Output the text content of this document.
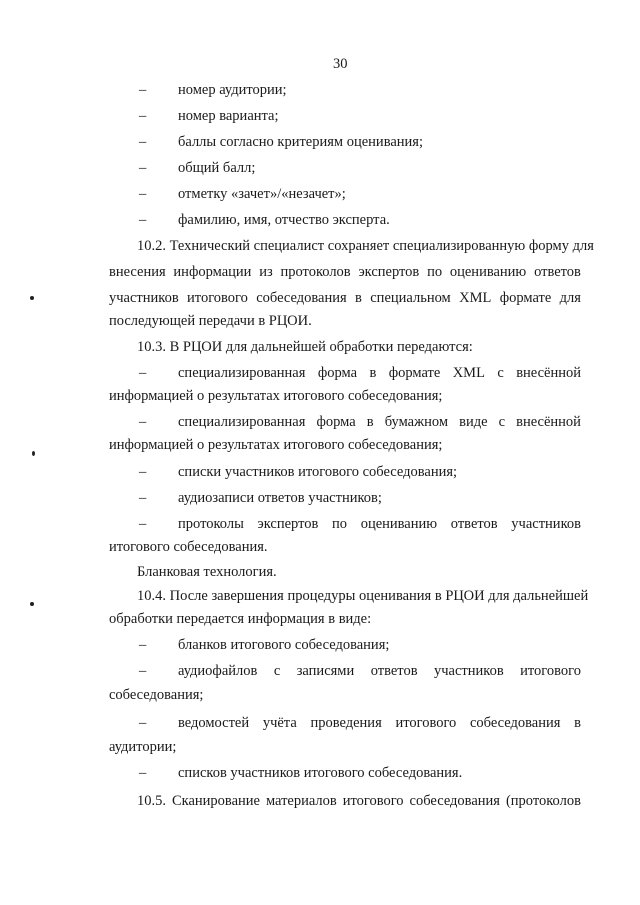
30
– номер аудитории;
– номер варианта;
– баллы согласно критериям оценивания;
– общий балл;
– отметку «зачет»/«незачет»;
– фамилию, имя, отчество эксперта.
10.2. Технический специалист сохраняет специализированную форму для
внесения информации из протоколов экспертов по оцениванию ответов
участников итогового собеседования в специальном XML формате для
последующей передачи в РЦОИ.
10.3. В РЦОИ для дальнейшей обработки передаются:
– специализированная форма в формате XML с внесённой
информацией о результатах итогового собеседования;
– специализированная форма в бумажном виде с внесённой
информацией о результатах итогового собеседования;
– списки участников итогового собеседования;
– аудиозаписи ответов участников;
– протоколы экспертов по оцениванию ответов участников
итогового собеседования.
Бланковая технология.
10.4. После завершения процедуры оценивания в РЦОИ для дальнейшей
обработки передается информация в виде:
– бланков итогового собеседования;
– аудиофайлов с записями ответов участников итогового
собеседования;
– ведомостей учёта проведения итогового собеседования в
аудитории;
– списков участников итогового собеседования.
10.5. Сканирование материалов итогового собеседования (протоколов
